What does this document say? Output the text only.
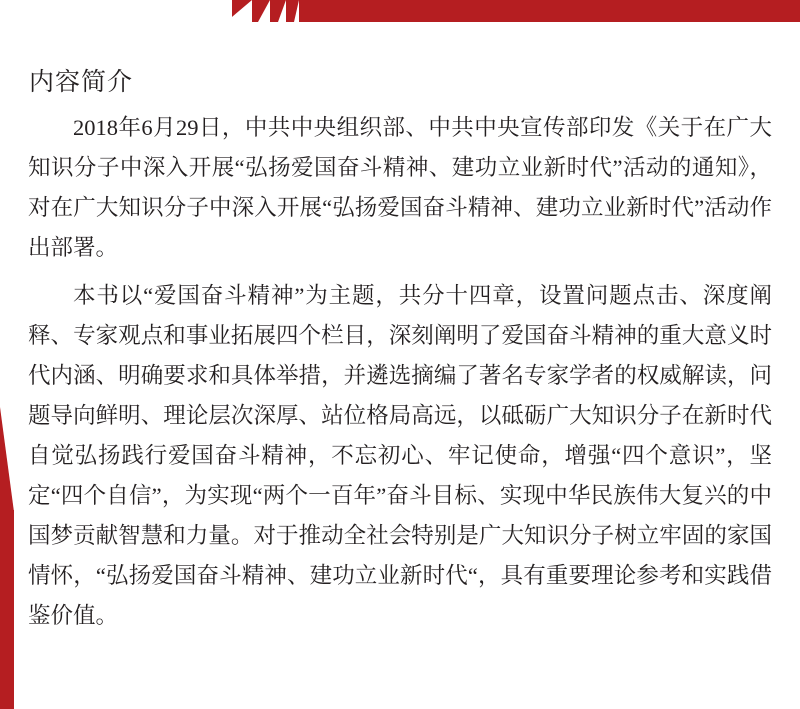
内容简介

2018年6月29日，中共中央组织部、中共中央宣传部印发《关于在广大知识分子中深入开展“弘扬爱国奋斗精神、建功立业新时代”活动的通知》，对在广大知识分子中深入开展“弘扬爱国奋斗精神、建功立业新时代”活动作出部署。

本书以“爱国奋斗精神”为主题，共分十四章，设置问题点击、深度阐释、专家观点和事业拓展四个栏目，深刻阐明了爱国奋斗精神的重大意义时代内涵、明确要求和具体举措，并遴选摘编了著名专家学者的权威解读，问题导向鲜明、理论层次深厚、站位格局高远，以砥砺广大知识分子在新时代自觉弘扬践行爱国奋斗精神，不忘初心、牢记使命，增强“四个意识”，坚定“四个自信”，为实现“两个一百年”奋斗目标、实现中华民族伟大复兴的中国梦贡献智慧和力量。对于推动全社会特别是广大知识分子树立牢固的家国情怀，“弘扬爱国奋斗精神、建功立业新时代“，具有重要理论参考和实践借鉴价值。
